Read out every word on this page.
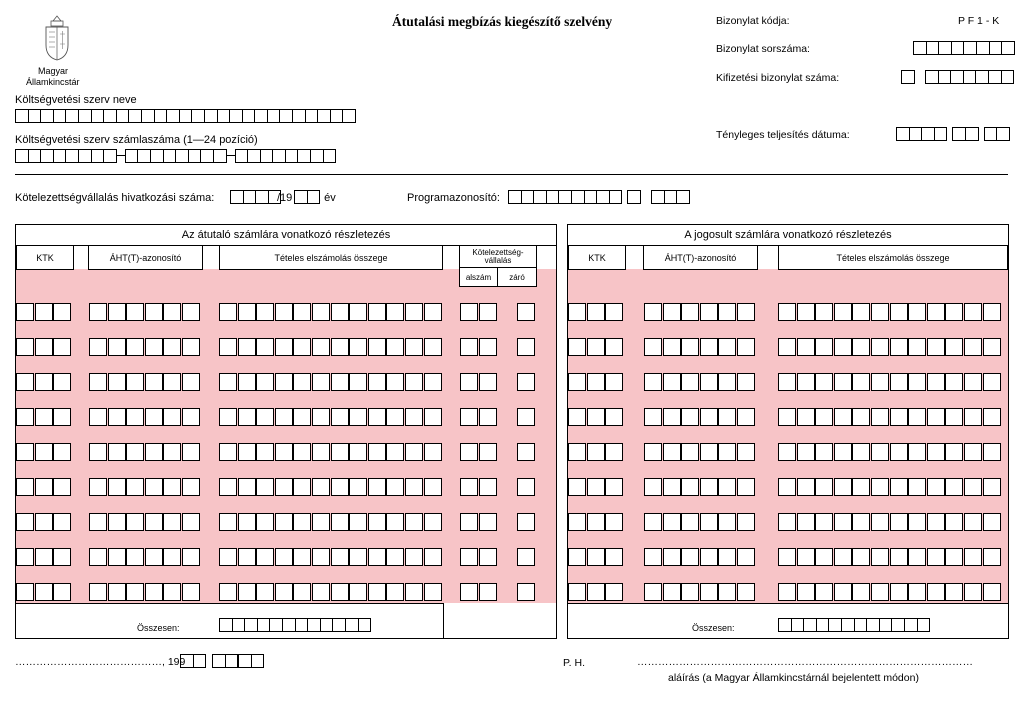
Magyar
Államkincstár
Átutalási megbízás kiegészítő szelvény	Bizonylat kódja:	P F 1 - K
Bizonylat sorszáma:
Kifizetési bizonylat száma:
Költségvetési szerv neve
Költségvetési szerv számlaszáma (1—24 pozíció)	Tényleges teljesítés dátuma:
Kötelezettségvállalás hivatkozási száma:	/19 . év	Programazonosító:
Az átutaló számlára vonatkozó részletezés
KTK	ÁHT(T)-azonosító	Tételes elszámolás összege
Kötelezettség-
vállalás
alszám	záró
Összesen:
A jogosult számlára vonatkozó részletezés
KTK	ÁHT(T)-azonosító	Tételes elszámolás összege
Összesen:
……………………………………, 199	P. H.	……………………………………………………………………………………
aláírás (a Magyar Államkincstárnál bejelentett módon)
